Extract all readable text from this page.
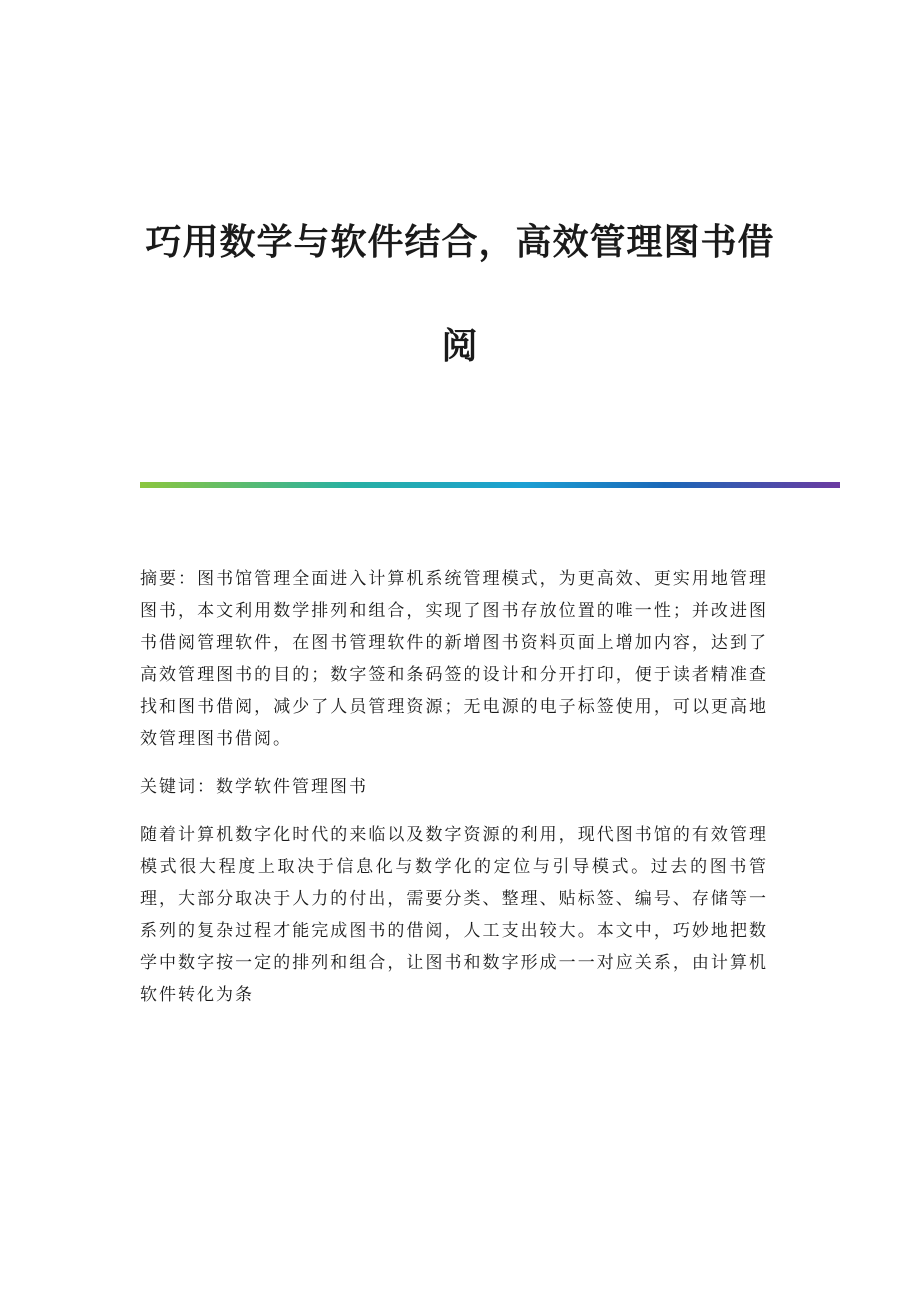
巧用数学与软件结合，高效管理图书借阅

摘要：图书馆管理全面进入计算机系统管理模式，为更高效、更实用地管理图书，本文利用数学排列和组合，实现了图书存放位置的唯一性；并改进图书借阅管理软件，在图书管理软件的新增图书资料页面上增加内容，达到了高效管理图书的目的；数字签和条码签的设计和分开打印，便于读者精准查找和图书借阅，减少了人员管理资源；无电源的电子标签使用，可以更高地效管理图书借阅。

关键词：数学软件管理图书

随着计算机数字化时代的来临以及数字资源的利用，现代图书馆的有效管理模式很大程度上取决于信息化与数学化的定位与引导模式。过去的图书管理，大部分取决于人力的付出，需要分类、整理、贴标签、编号、存储等一系列的复杂过程才能完成图书的借阅，人工支出较大。本文中，巧妙地把数学中数字按一定的排列和组合，让图书和数字形成一一对应关系，由计算机软件转化为条
